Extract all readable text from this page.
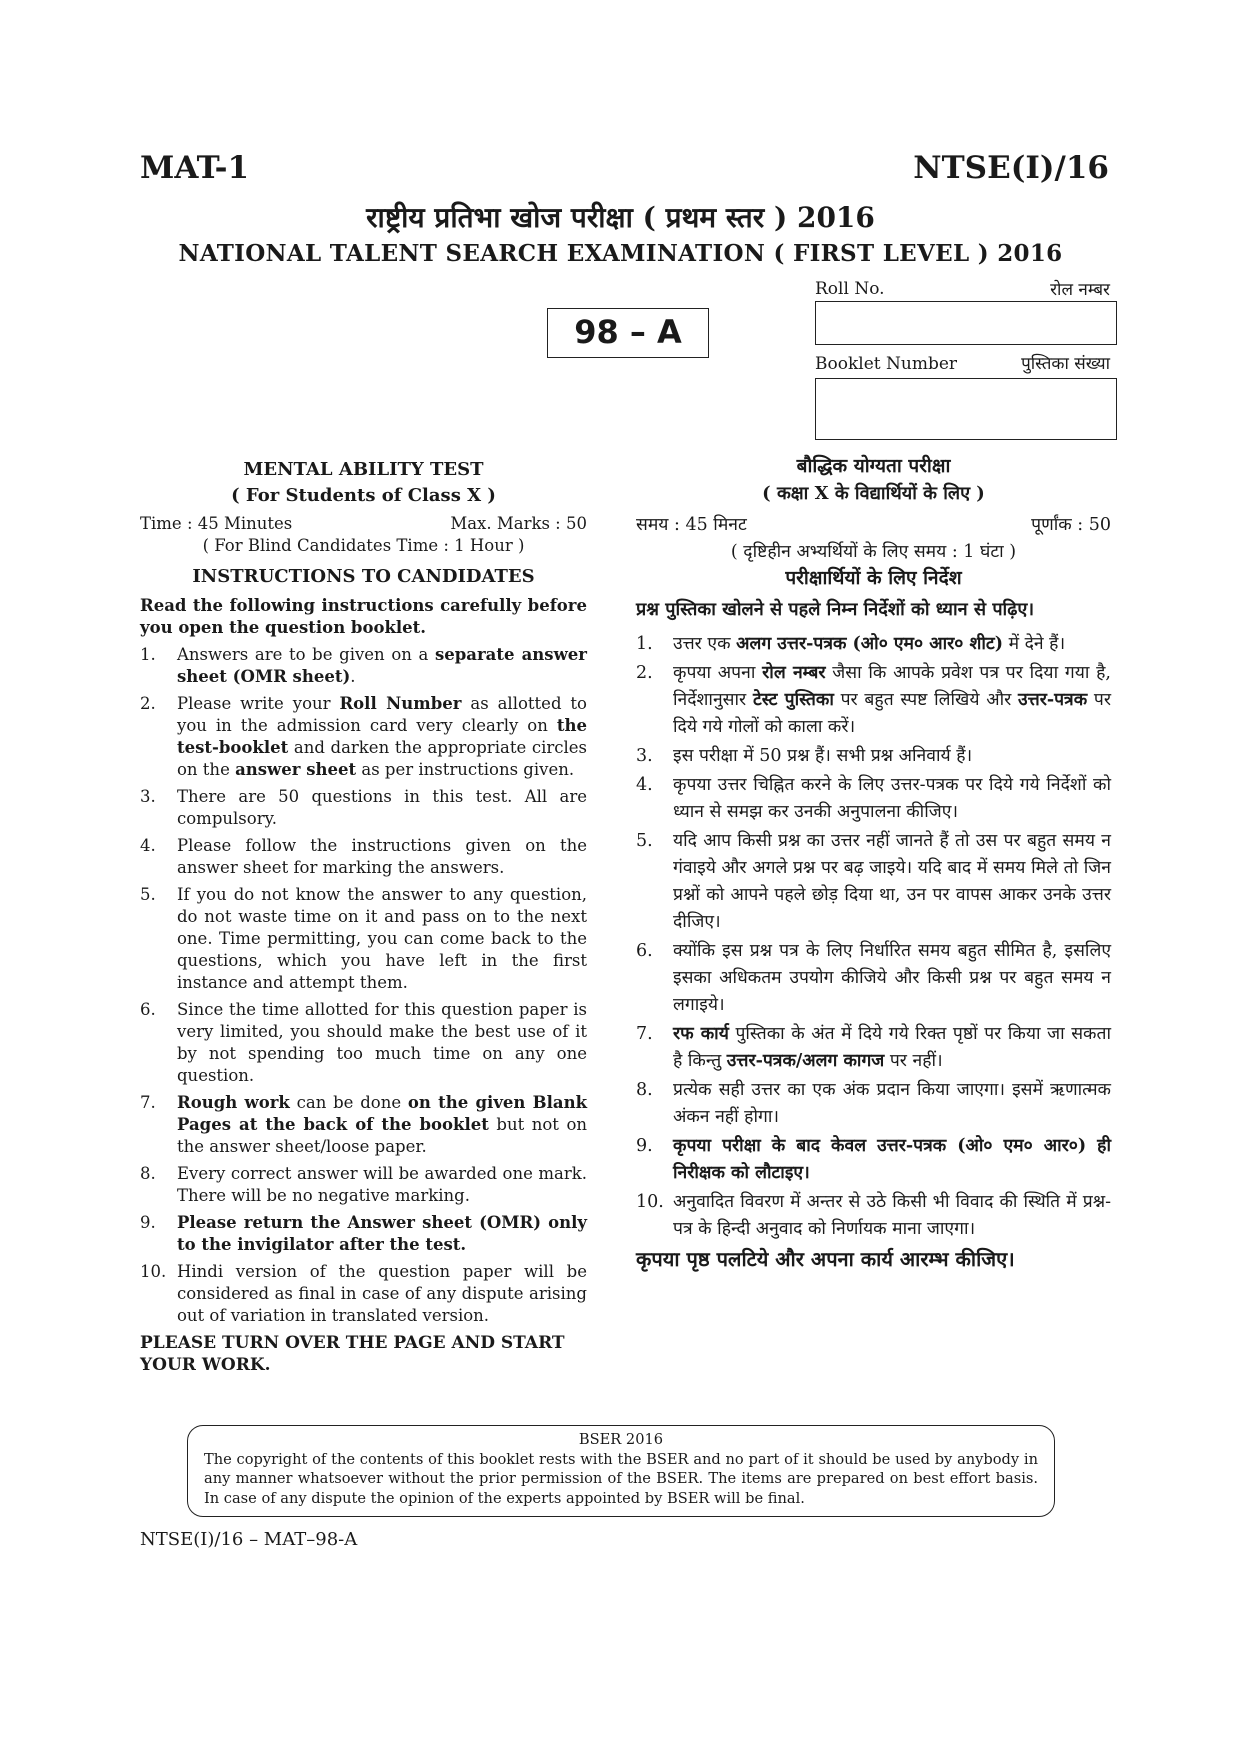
MAT-1	NTSE(I)/16
राष्ट्रीय प्रतिभा खोज परीक्षा ( प्रथम स्तर ) 2016
NATIONAL TALENT SEARCH EXAMINATION ( FIRST LEVEL ) 2016
98 – A
Roll No.	रोल नम्बर
Booklet Number	पुस्तिका संख्या
MENTAL ABILITY TEST
( For Students of Class X )
Time : 45 Minutes	Max. Marks : 50
( For Blind Candidates Time : 1 Hour )
INSTRUCTIONS TO CANDIDATES
Read the following instructions carefully before you open the question booklet.
1. Answers are to be given on a separate answer sheet (OMR sheet).
2. Please write your Roll Number as allotted to you in the admission card very clearly on the test-booklet and darken the appropriate circles on the answer sheet as per instructions given.
3. There are 50 questions in this test. All are compulsory.
4. Please follow the instructions given on the answer sheet for marking the answers.
5. If you do not know the answer to any question, do not waste time on it and pass on to the next one. Time permitting, you can come back to the questions, which you have left in the first instance and attempt them.
6. Since the time allotted for this question paper is very limited, you should make the best use of it by not spending too much time on any one question.
7. Rough work can be done on the given Blank Pages at the back of the booklet but not on the answer sheet/loose paper.
8. Every correct answer will be awarded one mark. There will be no negative marking.
9. Please return the Answer sheet (OMR) only to the invigilator after the test.
10. Hindi version of the question paper will be considered as final in case of any dispute arising out of variation in translated version.
PLEASE TURN OVER THE PAGE AND START YOUR WORK.
बौद्धिक योग्यता परीक्षा
( कक्षा X के विद्यार्थियों के लिए )
समय : 45 मिनट	पूर्णांक : 50
( दृष्टिहीन अभ्यर्थियों के लिए समय : 1 घंटा )
परीक्षार्थियों के लिए निर्देश
प्रश्न पुस्तिका खोलने से पहले निम्न निर्देशों को ध्यान से पढ़िए।
1. उत्तर एक अलग उत्तर-पत्रक (ओ० एम० आर० शीट) में देने हैं।
2. कृपया अपना रोल नम्बर जैसा कि आपके प्रवेश पत्र पर दिया गया है, निर्देशानुसार टेस्ट पुस्तिका पर बहुत स्पष्ट लिखिये और उत्तर-पत्रक पर दिये गये गोलों को काला करें।
3. इस परीक्षा में 50 प्रश्न हैं। सभी प्रश्न अनिवार्य हैं।
4. कृपया उत्तर चिह्नित करने के लिए उत्तर-पत्रक पर दिये गये निर्देशों को ध्यान से समझ कर उनकी अनुपालना कीजिए।
5. यदि आप किसी प्रश्न का उत्तर नहीं जानते हैं तो उस पर बहुत समय न गंवाइये और अगले प्रश्न पर बढ़ जाइये। यदि बाद में समय मिले तो जिन प्रश्नों को आपने पहले छोड़ दिया था, उन पर वापस आकर उनके उत्तर दीजिए।
6. क्योंकि इस प्रश्न पत्र के लिए निर्धारित समय बहुत सीमित है, इसलिए इसका अधिकतम उपयोग कीजिये और किसी प्रश्न पर बहुत समय न लगाइये।
7. रफ कार्य पुस्तिका के अंत में दिये गये रिक्त पृष्ठों पर किया जा सकता है किन्तु उत्तर-पत्रक/अलग कागज पर नहीं।
8. प्रत्येक सही उत्तर का एक अंक प्रदान किया जाएगा। इसमें ऋणात्मक अंकन नहीं होगा।
9. कृपया परीक्षा के बाद केवल उत्तर-पत्रक (ओ० एम० आर०) ही निरीक्षक को लौटाइए।
10. अनुवादित विवरण में अन्तर से उठे किसी भी विवाद की स्थिति में प्रश्न-पत्र के हिन्दी अनुवाद को निर्णायक माना जाएगा।
कृपया पृष्ठ पलटिये और अपना कार्य आरम्भ कीजिए।
BSER 2016
The copyright of the contents of this booklet rests with the BSER and no part of it should be used by anybody in any manner whatsoever without the prior permission of the BSER. The items are prepared on best effort basis. In case of any dispute the opinion of the experts appointed by BSER will be final.
NTSE(I)/16 – MAT–98-A
